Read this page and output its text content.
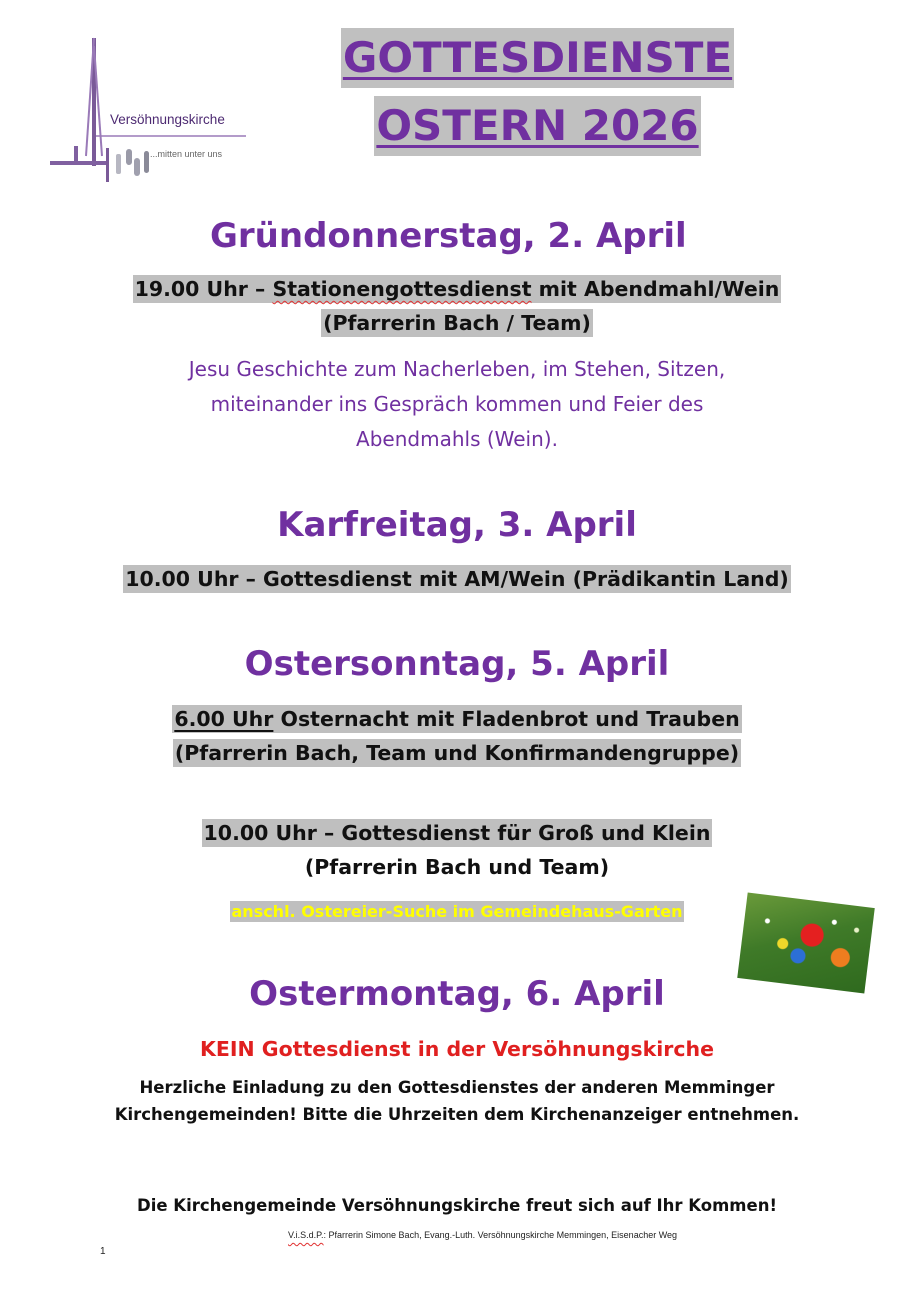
Versöhnungskirche
...mitten unter uns
GOTTESDIENSTE
OSTERN 2026
Gründonnerstag, 2. April
19.00 Uhr – Stationengottesdienst mit Abendmahl/Wein
(Pfarrerin Bach / Team)
Jesu Geschichte zum Nacherleben, im Stehen, Sitzen,
miteinander ins Gespräch kommen und Feier des
Abendmahls (Wein).
Karfreitag, 3. April
10.00 Uhr – Gottesdienst mit AM/Wein (Prädikantin Land)
Ostersonntag, 5. April
6.00 Uhr Osternacht mit Fladenbrot und Trauben
(Pfarrerin Bach, Team und Konfirmandengruppe)
10.00 Uhr – Gottesdienst für Groß und Klein
(Pfarrerin Bach und Team)
anschl. Ostereier-Suche im Gemeindehaus-Garten
Ostermontag, 6. April
KEIN Gottesdienst in der Versöhnungskirche
Herzliche Einladung zu den Gottesdienstes der anderen Memminger
Kirchengemeinden! Bitte die Uhrzeiten dem Kirchenanzeiger entnehmen.
Die Kirchengemeinde Versöhnungskirche freut sich auf Ihr Kommen!
V.i.S.d.P.: Pfarrerin Simone Bach, Evang.-Luth. Versöhnungskirche Memmingen, Eisenacher Weg
1
